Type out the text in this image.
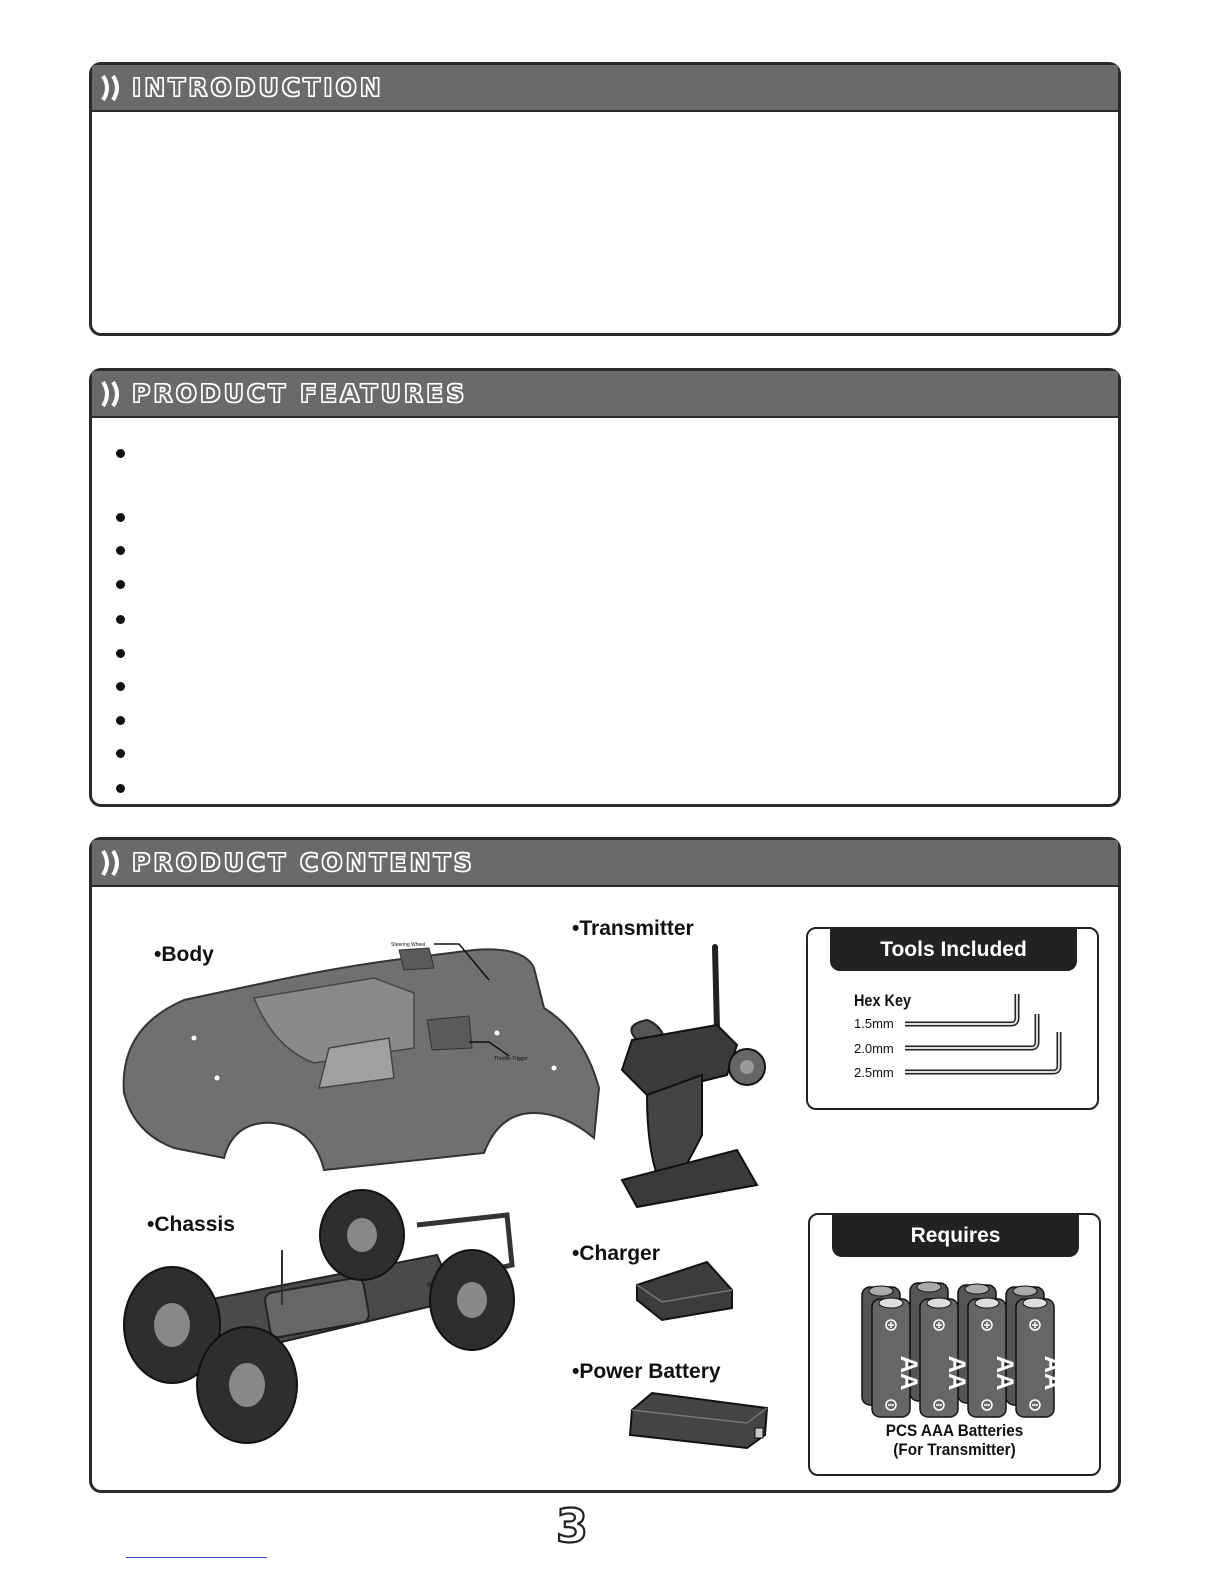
INTRODUCTION
PRODUCT FEATURES
PRODUCT CONTENTS
•Body	Steering Wheel
Throttle Trigger
•Chassis
•Transmitter
•Charger
•Power Battery
Tools Included
Hex Key
1.5mm
2.0mm
2.5mm
Requires
AA AA AA AA
PCS AAA Batteries
(For Transmitter)
3
